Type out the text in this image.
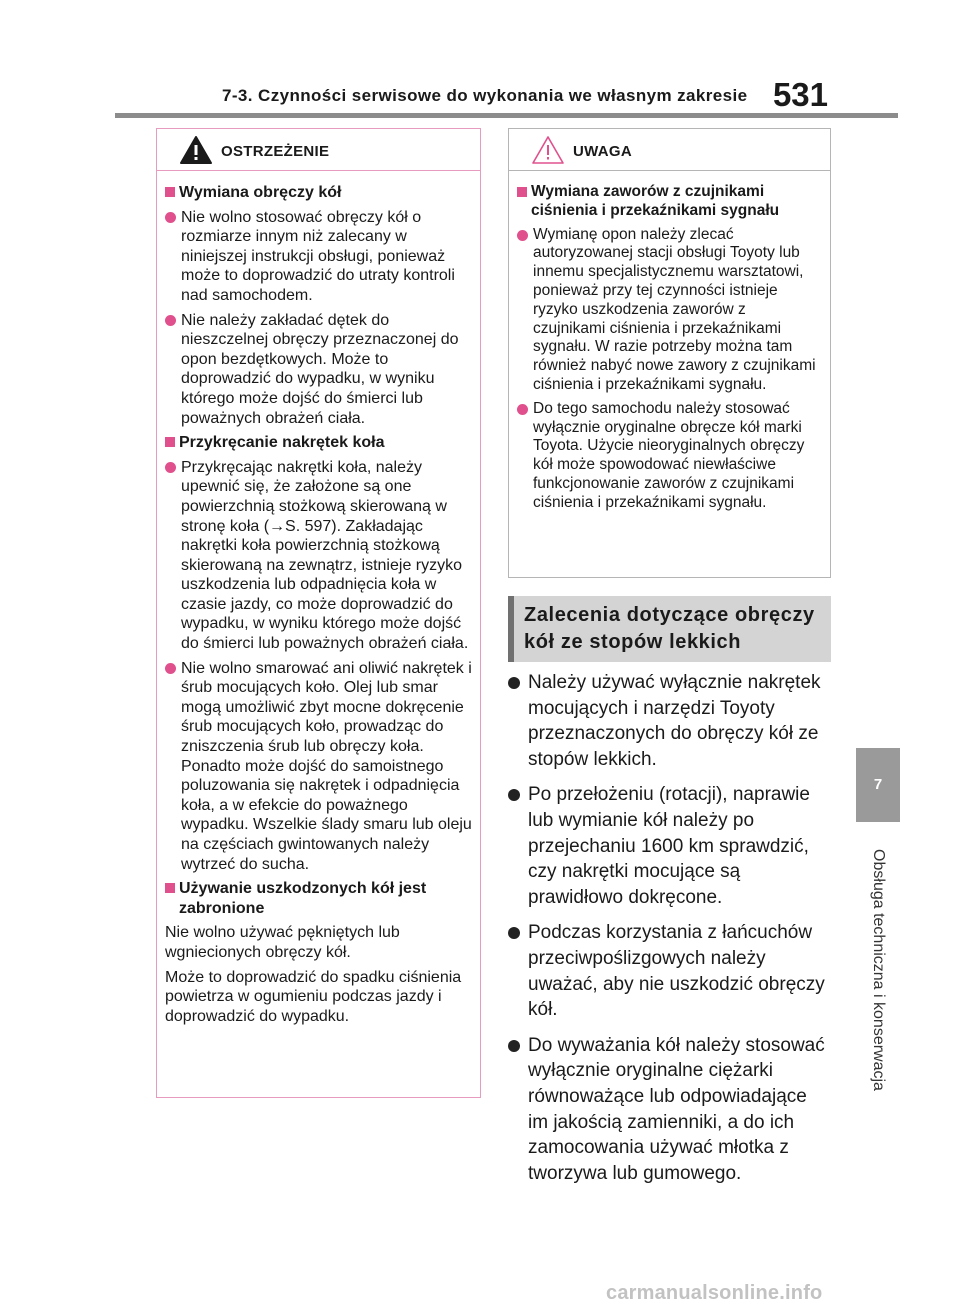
7-3. Czynności serwisowe do wykonania we własnym zakresie 531
7
Obsługa techniczna i konserwacja
OSTRZEŻENIE
Wymiana obręczy kół
Nie wolno stosować obręczy kół o rozmiarze innym niż zalecany w niniejszej instrukcji obsługi, ponieważ może to doprowadzić do utraty kontroli nad samochodem.
Nie należy zakładać dętek do nieszczelnej obręczy przeznaczonej do opon bezdętkowych. Może to doprowadzić do wypadku, w wyniku którego może dojść do śmierci lub poważnych obrażeń ciała.
Przykręcanie nakrętek koła
Przykręcając nakrętki koła, należy upewnić się, że założone są one powierzchnią stożkową skierowaną w stronę koła (→S. 597). Zakładając nakrętki koła powierzchnią stożkową skierowaną na zewnątrz, istnieje ryzyko uszkodzenia lub odpadnięcia koła w czasie jazdy, co może doprowadzić do wypadku, w wyniku którego może dojść do śmierci lub poważnych obrażeń ciała.
Nie wolno smarować ani oliwić nakrętek i śrub mocujących koło. Olej lub smar mogą umożliwić zbyt mocne dokręcenie śrub mocujących koło, prowadząc do zniszczenia śrub lub obręczy koła. Ponadto może dojść do samoistnego poluzowania się nakrętek i odpadnięcia koła, a w efekcie do poważnego wypadku. Wszelkie ślady smaru lub oleju na częściach gwintowanych należy wytrzeć do sucha.
Używanie uszkodzonych kół jest zabronione
Nie wolno używać pękniętych lub wgniecionych obręczy kół.
Może to doprowadzić do spadku ciśnienia powietrza w ogumieniu podczas jazdy i doprowadzić do wypadku.
UWAGA
Wymiana zaworów z czujnikami ciśnienia i przekaźnikami sygnału
Wymianę opon należy zlecać autoryzowanej stacji obsługi Toyoty lub innemu specjalistycznemu warsztatowi, ponieważ przy tej czynności istnieje ryzyko uszkodzenia zaworów z czujnikami ciśnienia i przekaźnikami sygnału. W razie potrzeby można tam również nabyć nowe zawory z czujnikami ciśnienia i przekaźnikami sygnału.
Do tego samochodu należy stosować wyłącznie oryginalne obręcze kół marki Toyota. Użycie nieoryginalnych obręczy kół może spowodować niewłaściwe funkcjonowanie zaworów z czujnikami ciśnienia i przekaźnikami sygnału.
Zalecenia dotyczące obręczy kół ze stopów lekkich
Należy używać wyłącznie nakrętek mocujących i narzędzi Toyoty przeznaczonych do obręczy kół ze stopów lekkich.
Po przełożeniu (rotacji), naprawie lub wymianie kół należy po przejechaniu 1600 km sprawdzić, czy nakrętki mocujące są prawidłowo dokręcone.
Podczas korzystania z łańcuchów przeciwpoślizgowych należy uważać, aby nie uszkodzić obręczy kół.
Do wyważania kół należy stosować wyłącznie oryginalne ciężarki równoważące lub odpowiadające im jakością zamienniki, a do ich zamocowania używać młotka z tworzywa lub gumowego.
carmanualsonline.info
